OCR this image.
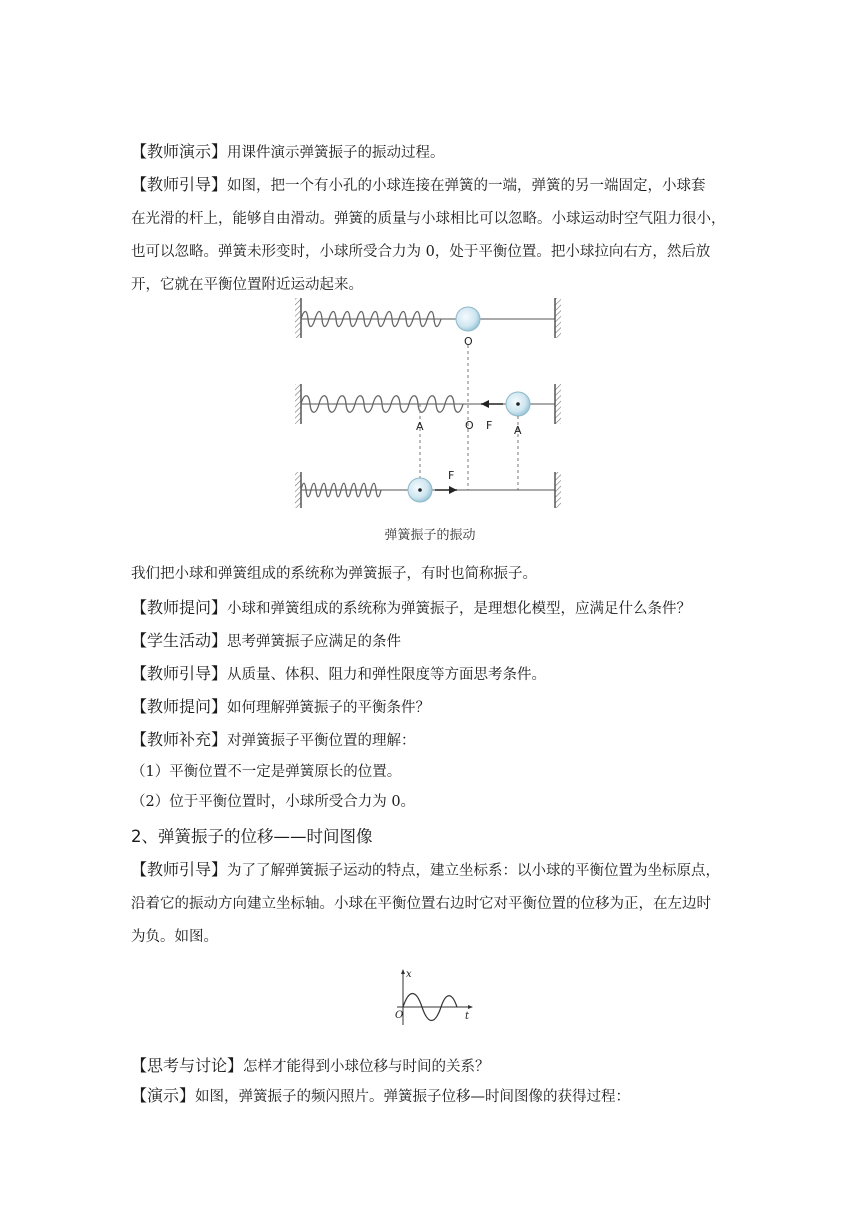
【教师演示】用课件演示弹簧振子的振动过程。

【教师引导】如图，把一个有小孔的小球连接在弹簧的一端，弹簧的另一端固定，小球套
在光滑的杆上，能够自由滑动。弹簧的质量与小球相比可以忽略。小球运动时空气阻力很小，
也可以忽略。弹簧未形变时，小球所受合力为 0，处于平衡位置。把小球拉向右方，然后放
开，它就在平衡位置附近运动起来。
O
A	O F A
F
弹簧振子的振动

我们把小球和弹簧组成的系统称为弹簧振子，有时也简称振子。

【教师提问】小球和弹簧组成的系统称为弹簧振子，是理想化模型，应满足什么条件？

【学生活动】思考弹簧振子应满足的条件

【教师引导】从质量、体积、阻力和弹性限度等方面思考条件。

【教师提问】如何理解弹簧振子的平衡条件？

【教师补充】对弹簧振子平衡位置的理解：

（1）平衡位置不一定是弹簧原长的位置。

（2）位于平衡位置时，小球所受合力为 0。

2、弹簧振子的位移——时间图像

【教师引导】为了了解弹簧振子运动的特点，建立坐标系：以小球的平衡位置为坐标原点，
沿着它的振动方向建立坐标轴。小球在平衡位置右边时它对平衡位置的位移为正，在左边时
为负。如图。
x
t
O

【思考与讨论】怎样才能得到小球位移与时间的关系？

【演示】如图，弹簧振子的频闪照片。弹簧振子位移—时间图像的获得过程：
